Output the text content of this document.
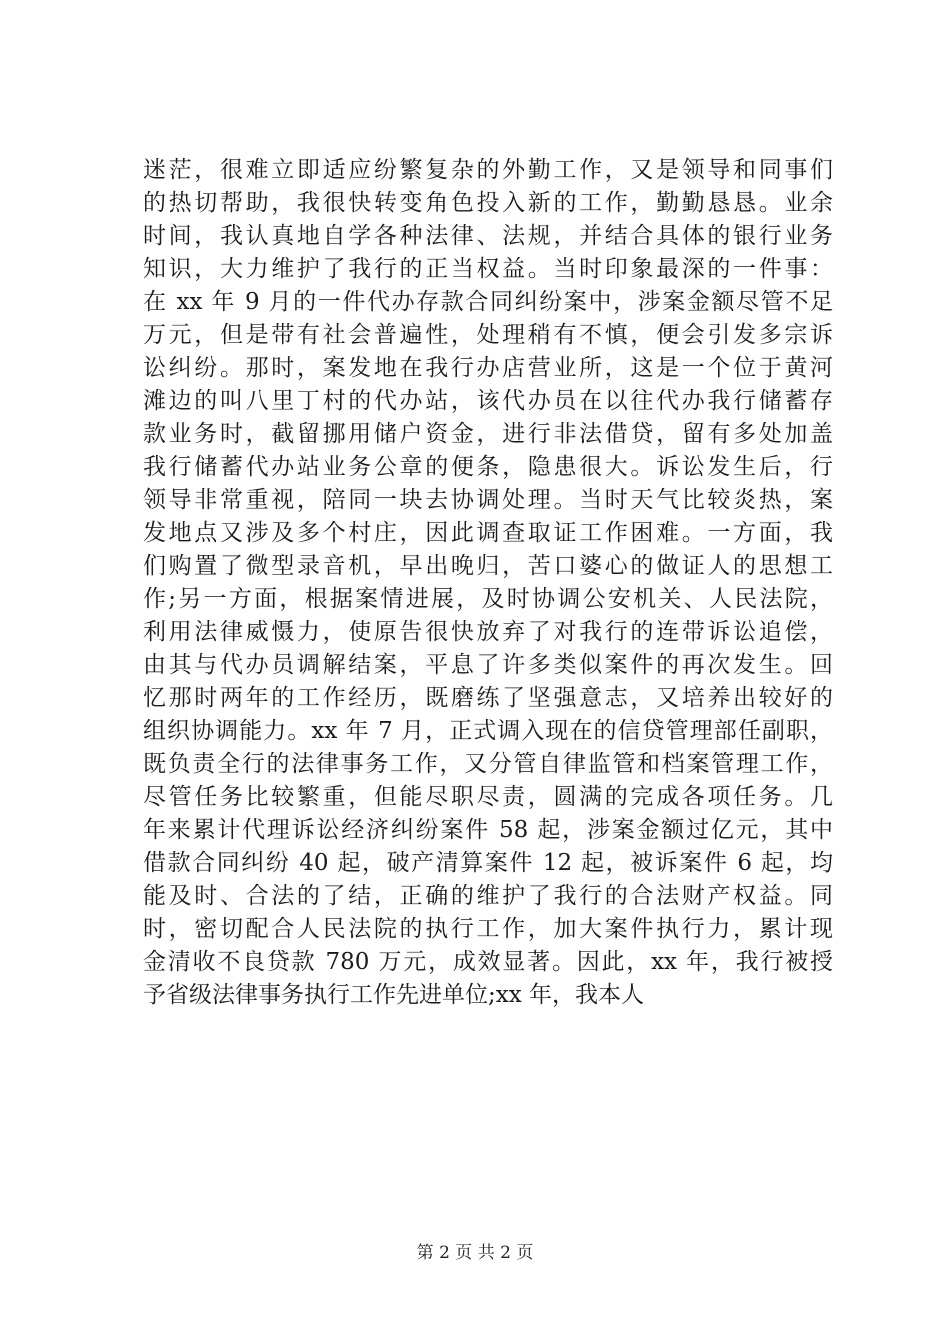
迷茫，很难立即适应纷繁复杂的外勤工作，又是领导和同事们
的热切帮助，我很快转变角色投入新的工作，勤勤恳恳。业余
时间，我认真地自学各种法律、法规，并结合具体的银行业务
知识，大力维护了我行的正当权益。当时印象最深的一件事：
在 xx 年 9 月的一件代办存款合同纠纷案中，涉案金额尽管不足
万元，但是带有社会普遍性，处理稍有不慎，便会引发多宗诉
讼纠纷。那时，案发地在我行办店营业所，这是一个位于黄河
滩边的叫八里丁村的代办站，该代办员在以往代办我行储蓄存
款业务时，截留挪用储户资金，进行非法借贷，留有多处加盖
我行储蓄代办站业务公章的便条，隐患很大。诉讼发生后，行
领导非常重视，陪同一块去协调处理。当时天气比较炎热，案
发地点又涉及多个村庄，因此调查取证工作困难。一方面，我
们购置了微型录音机，早出晚归，苦口婆心的做证人的思想工
作;另一方面，根据案情进展，及时协调公安机关、人民法院，
利用法律威慑力，使原告很快放弃了对我行的连带诉讼追偿，
由其与代办员调解结案，平息了许多类似案件的再次发生。回
忆那时两年的工作经历，既磨练了坚强意志，又培养出较好的
组织协调能力。xx 年 7 月，正式调入现在的信贷管理部任副职，
既负责全行的法律事务工作，又分管自律监管和档案管理工作，
尽管任务比较繁重，但能尽职尽责，圆满的完成各项任务。几
年来累计代理诉讼经济纠纷案件 58 起，涉案金额过亿元，其中
借款合同纠纷 40 起，破产清算案件 12 起，被诉案件 6 起，均
能及时、合法的了结，正确的维护了我行的合法财产权益。同
时，密切配合人民法院的执行工作，加大案件执行力，累计现
金清收不良贷款 780 万元，成效显著。因此，xx 年，我行被授
予省级法律事务执行工作先进单位;xx 年，我本人
第 2 页 共 2 页
